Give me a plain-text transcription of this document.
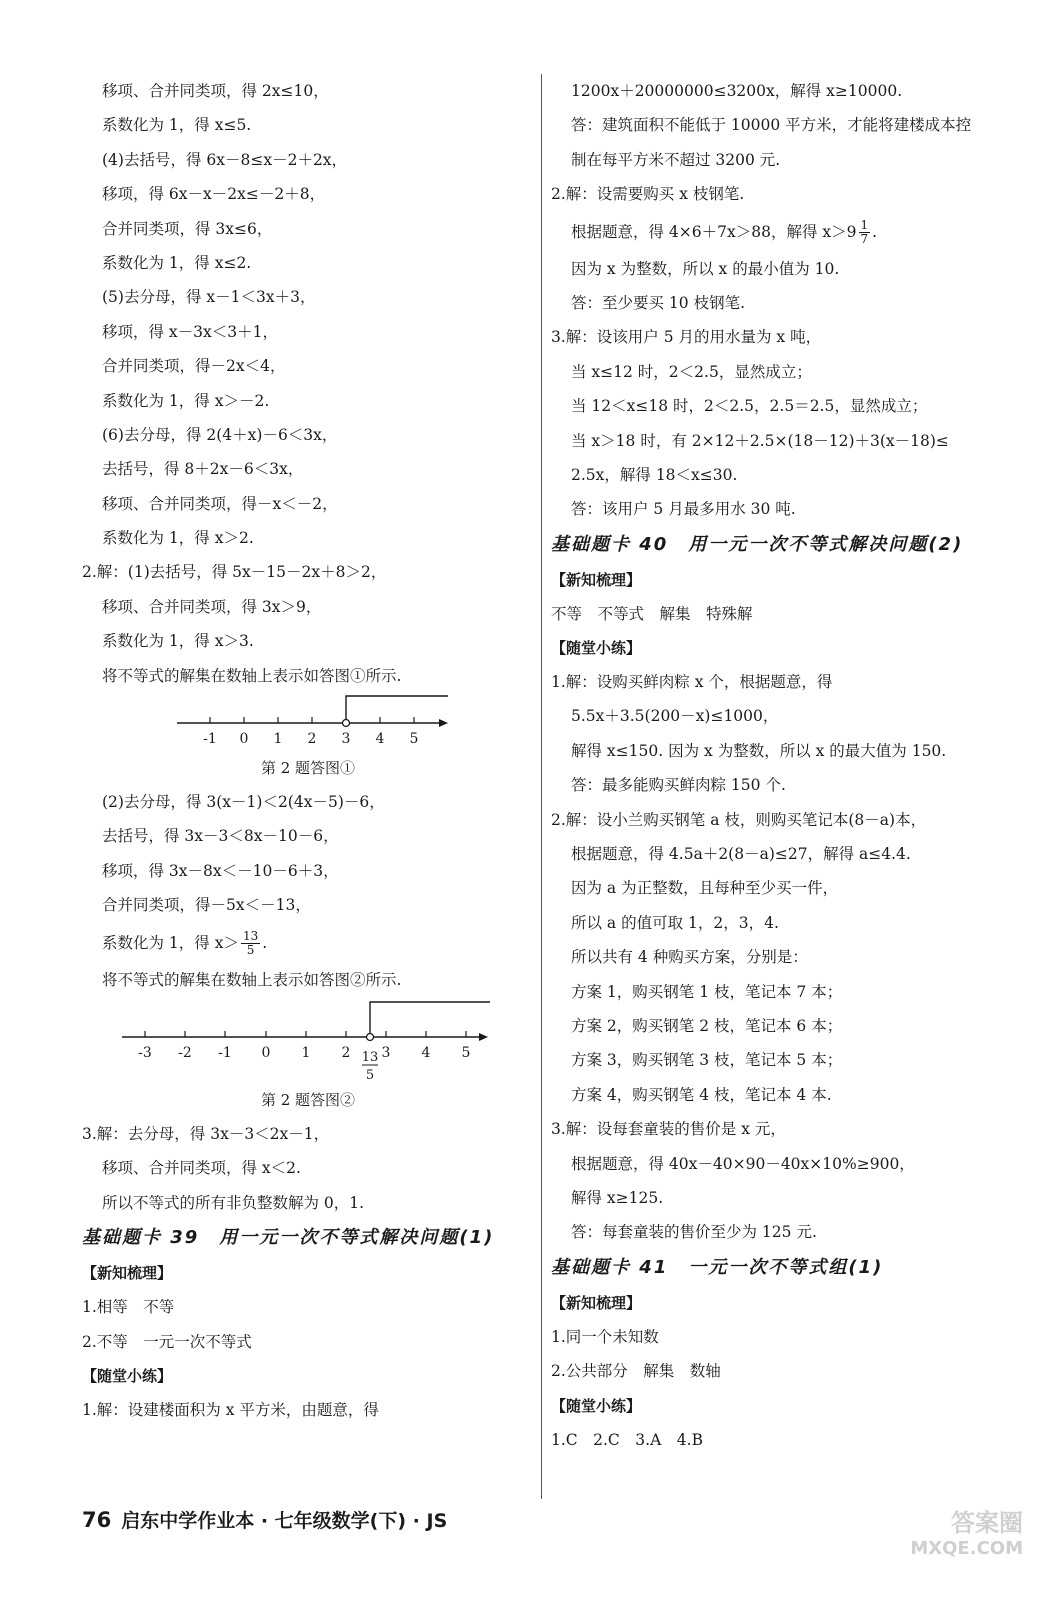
移项、合并同类项，得 2x≤10，
系数化为 1，得 x≤5.
(4)去括号，得 6x－8≤x－2＋2x，
移项，得 6x－x－2x≤－2＋8，
合并同类项，得 3x≤6，
系数化为 1，得 x≤2.
(5)去分母，得 x－1＜3x＋3，
移项，得 x－3x＜3＋1，
合并同类项，得－2x＜4，
系数化为 1，得 x＞－2.
(6)去分母，得 2(4＋x)－6＜3x，
去括号，得 8＋2x－6＜3x，
移项、合并同类项，得－x＜－2，
系数化为 1，得 x＞2.
2.解：(1)去括号，得 5x－15－2x＋8＞2，
移项、合并同类项，得 3x＞9，
系数化为 1，得 x＞3.
将不等式的解集在数轴上表示如答图①所示.
-1 0 1 2 3 4 5
第 2 题答图①
(2)去分母，得 3(x－1)＜2(4x－5)－6，
去括号，得 3x－3＜8x－10－6，
移项，得 3x－8x＜－10－6＋3，
合并同类项，得－5x＜－13，
系数化为 1，得 $x> \frac{13}{5}$ .
将不等式的解集在数轴上表示如答图②所示.
-3 -2 -1 0 1 2 3 4 5
13
5
第 2 题答图②
3.解：去分母，得 3x－3＜2x－1，
移项、合并同类项，得 x＜2.
所以不等式的所有非负整数解为 0，1.
基础题卡 39　用一元一次不等式解决问题(1)
【新知梳理】
1.相等　不等
2.不等　一元一次不等式
【随堂小练】
1.解：设建楼面积为 x 平方米，由题意，得
1200x＋20000000≤3200x，解得 x≥10000.
答：建筑面积不能低于 10000 平方米，才能将建楼成本控
制在每平方米不超过 3200 元.
2.解：设需要购买 x 枝钢笔.
根据题意，得 4×6＋7x＞88，解得 $x>9 \frac{1}{7}$ .
因为 x 为整数，所以 x 的最小值为 10.
答：至少要买 10 枝钢笔.
3.解：设该用户 5 月的用水量为 x 吨，
当 x≤12 时，2＜2.5，显然成立；
当 12＜x≤18 时，2＜2.5，2.5＝2.5，显然成立；
当 x＞18 时，有 2×12＋2.5×(18－12)＋3(x－18)≤
2.5x，解得 18＜x≤30.
答：该用户 5 月最多用水 30 吨.
基础题卡 40　用一元一次不等式解决问题(2)
【新知梳理】
不等　不等式　解集　特殊解
【随堂小练】
1.解：设购买鲜肉粽 x 个，根据题意，得
5.5x＋3.5(200－x)≤1000，
解得 x≤150. 因为 x 为整数，所以 x 的最大值为 150.
答：最多能购买鲜肉粽 150 个.
2.解：设小兰购买钢笔 a 枝，则购买笔记本(8－a)本，
根据题意，得 4.5a＋2(8－a)≤27，解得 a≤4.4.
因为 a 为正整数，且每种至少买一件，
所以 a 的值可取 1，2，3，4.
所以共有 4 种购买方案，分别是：
方案 1，购买钢笔 1 枝，笔记本 7 本；
方案 2，购买钢笔 2 枝，笔记本 6 本；
方案 3，购买钢笔 3 枝，笔记本 5 本；
方案 4，购买钢笔 4 枝，笔记本 4 本.
3.解：设每套童装的售价是 x 元，
根据题意，得 40x－40×90－40x×10%≥900，
解得 x≥125.
答：每套童装的售价至少为 125 元.
基础题卡 41　一元一次不等式组(1)
【新知梳理】
1.同一个未知数
2.公共部分　解集　数轴
【随堂小练】
1.C　2.C　3.A　4.B
76 启东中学作业本 · 七年级数学(下) · JS	答案圈
MXQE.COM
